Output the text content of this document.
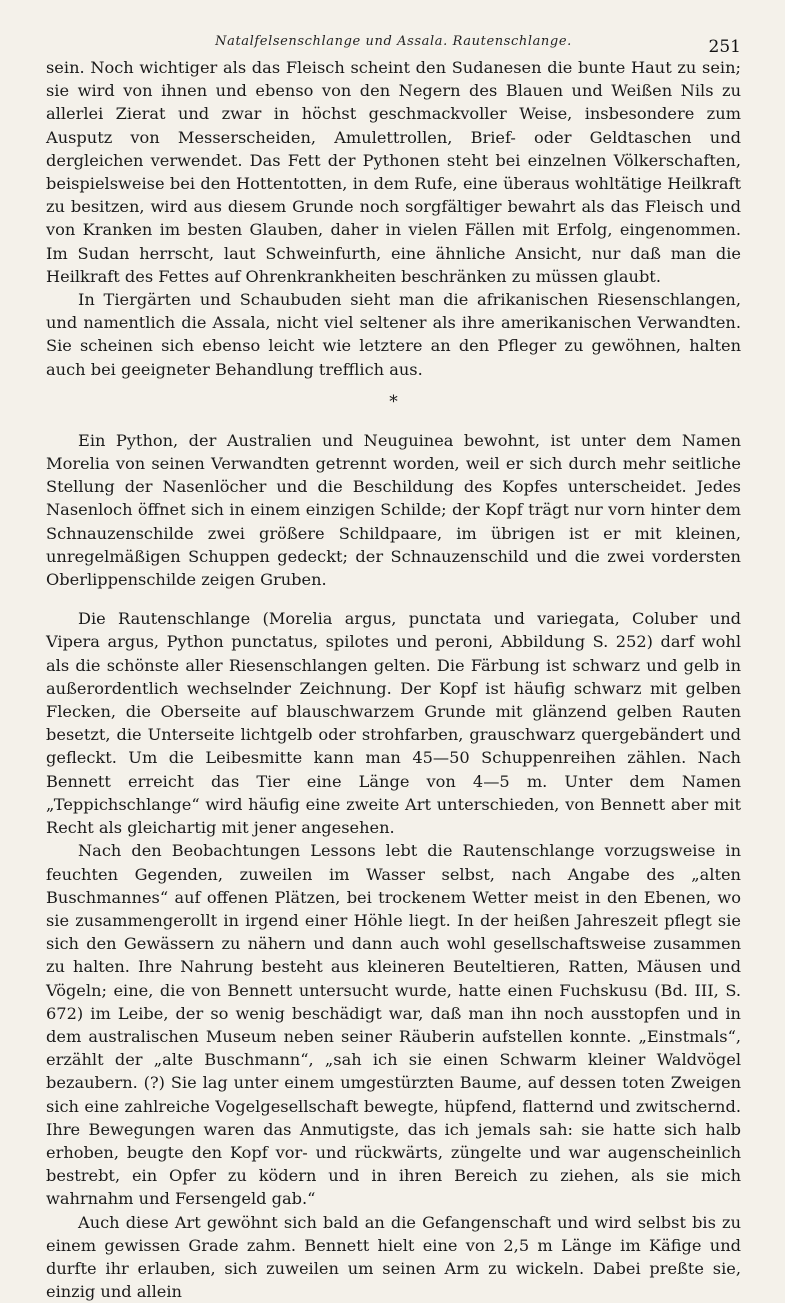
Natalfelsenschlange und Assala. Rautenschlange.	251

sein. Noch wichtiger als das Fleisch scheint den Sudanesen die bunte Haut zu sein; sie wird von ihnen und ebenso von den Negern des Blauen und Weißen Nils zu allerlei Zierat und zwar in höchst geschmackvoller Weise, insbesondere zum Ausputz von Messerscheiden, Amulettrollen, Brief- oder Geldtaschen und dergleichen verwendet. Das Fett der Pythonen steht bei einzelnen Völkerschaften, beispielsweise bei den Hottentotten, in dem Rufe, eine überaus wohltätige Heilkraft zu besitzen, wird aus diesem Grunde noch sorgfältiger bewahrt als das Fleisch und von Kranken im besten Glauben, daher in vielen Fällen mit Erfolg, eingenommen. Im Sudan herrscht, laut Schweinfurth, eine ähnliche Ansicht, nur daß man die Heilkraft des Fettes auf Ohrenkrankheiten beschränken zu müssen glaubt.

In Tiergärten und Schaubuden sieht man die afrikanischen Riesenschlangen, und namentlich die Assala, nicht viel seltener als ihre amerikanischen Verwandten. Sie scheinen sich ebenso leicht wie letztere an den Pfleger zu gewöhnen, halten auch bei geeigneter Behandlung trefflich aus.

*

Ein Python, der Australien und Neuguinea bewohnt, ist unter dem Namen Morelia von seinen Verwandten getrennt worden, weil er sich durch mehr seitliche Stellung der Nasenlöcher und die Beschildung des Kopfes unterscheidet. Jedes Nasenloch öffnet sich in einem einzigen Schilde; der Kopf trägt nur vorn hinter dem Schnauzenschilde zwei größere Schildpaare, im übrigen ist er mit kleinen, unregelmäßigen Schuppen gedeckt; der Schnauzenschild und die zwei vordersten Oberlippenschilde zeigen Gruben.

Die Rautenschlange (Morelia argus, punctata und variegata, Coluber und Vipera argus, Python punctatus, spilotes und peroni, Abbildung S. 252) darf wohl als die schönste aller Riesenschlangen gelten. Die Färbung ist schwarz und gelb in außerordentlich wechselnder Zeichnung. Der Kopf ist häufig schwarz mit gelben Flecken, die Oberseite auf blauschwarzem Grunde mit glänzend gelben Rauten besetzt, die Unterseite lichtgelb oder strohfarben, grauschwarz quergebändert und gefleckt. Um die Leibesmitte kann man 45—50 Schuppenreihen zählen. Nach Bennett erreicht das Tier eine Länge von 4—5 m. Unter dem Namen „Teppichschlange“ wird häufig eine zweite Art unterschieden, von Bennett aber mit Recht als gleichartig mit jener angesehen.

Nach den Beobachtungen Lessons lebt die Rautenschlange vorzugsweise in feuchten Gegenden, zuweilen im Wasser selbst, nach Angabe des „alten Buschmannes“ auf offenen Plätzen, bei trockenem Wetter meist in den Ebenen, wo sie zusammengerollt in irgend einer Höhle liegt. In der heißen Jahreszeit pflegt sie sich den Gewässern zu nähern und dann auch wohl gesellschaftsweise zusammen zu halten. Ihre Nahrung besteht aus kleineren Beuteltieren, Ratten, Mäusen und Vögeln; eine, die von Bennett untersucht wurde, hatte einen Fuchskusu (Bd. III, S. 672) im Leibe, der so wenig beschädigt war, daß man ihn noch ausstopfen und in dem australischen Museum neben seiner Räuberin aufstellen konnte. „Einstmals“, erzählt der „alte Buschmann“, „sah ich sie einen Schwarm kleiner Waldvögel bezaubern. (?) Sie lag unter einem umgestürzten Baume, auf dessen toten Zweigen sich eine zahlreiche Vogelgesellschaft bewegte, hüpfend, flatternd und zwitschernd. Ihre Bewegungen waren das Anmutigste, das ich jemals sah: sie hatte sich halb erhoben, beugte den Kopf vor- und rückwärts, züngelte und war augenscheinlich bestrebt, ein Opfer zu ködern und in ihren Bereich zu ziehen, als sie mich wahrnahm und Fersengeld gab.“

Auch diese Art gewöhnt sich bald an die Gefangenschaft und wird selbst bis zu einem gewissen Grade zahm. Bennett hielt eine von 2,5 m Länge im Käfige und durfte ihr erlauben, sich zuweilen um seinen Arm zu wickeln. Dabei preßte sie, einzig und allein
